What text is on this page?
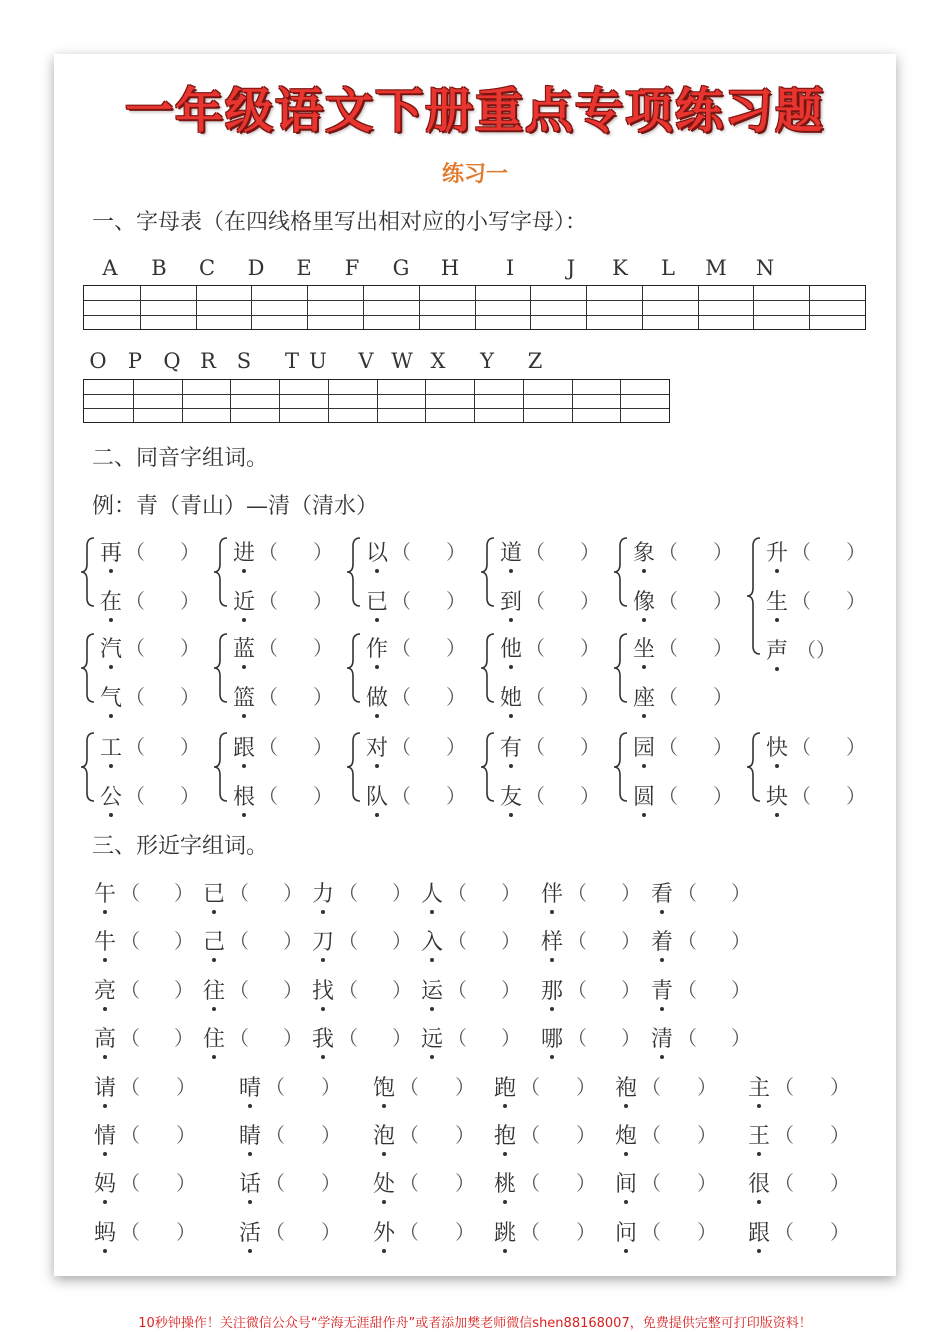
一年级语文下册重点专项练习题
练习一
一、字母表（在四线格里写出相对应的小写字母）：
A B C D E F G H I	J K L M N
O P Q R S T U V W X Y Z
二、同音字组词。
例：青（青山）—清（清水）
再 （ ）
在 （ ）
进 （ ）
近 （ ）
以 （ ）
已 （ ）
道 （ ）
到 （ ）
象 （ ）
像 （ ）
升 （ ）
生 （ ）
声 （）
汽 （ ）
气 （ ）
蓝 （ ）
篮 （ ）
作 （ ）
做 （ ）
他 （ ）
她 （ ）
坐 （ ）
座 （ ）
工 （ ）
公 （ ）
跟 （ ）
根 （ ）
对 （ ）
队 （ ）
有 （ ）
友 （ ）
园 （ ）
圆 （ ）
快 （ ）
块 （ ）
三、形近字组词。
午 （ ） 已 （ ） 力 （ ） 人 （ ） 伴 （ ） 看 （ ）
牛 （ ） 己 （ ） 刀 （ ） 入 （ ） 样 （ ） 着 （ ）
亮 （ ） 往 （ ） 找 （ ） 运 （ ） 那 （ ） 青 （ ）
高 （ ） 住 （ ） 我 （ ） 远 （ ） 哪 （ ） 清 （ ）
请 （ ） 晴 （ ） 饱 （ ） 跑 （ ） 袍 （ ） 主 （ ）
情 （ ） 睛 （ ） 泡 （ ） 抱 （ ） 炮 （ ） 王 （ ）
妈 （ ） 话 （ ） 处 （ ） 桃 （ ） 间 （ ） 很 （ ）
蚂 （ ） 活 （ ） 外 （ ） 跳 （ ） 问 （ ） 跟 （ ）
10秒钟操作！关注微信公众号“学海无涯甜作舟”或者添加樊老师微信shen88168007，免费提供完整可打印版资料！
